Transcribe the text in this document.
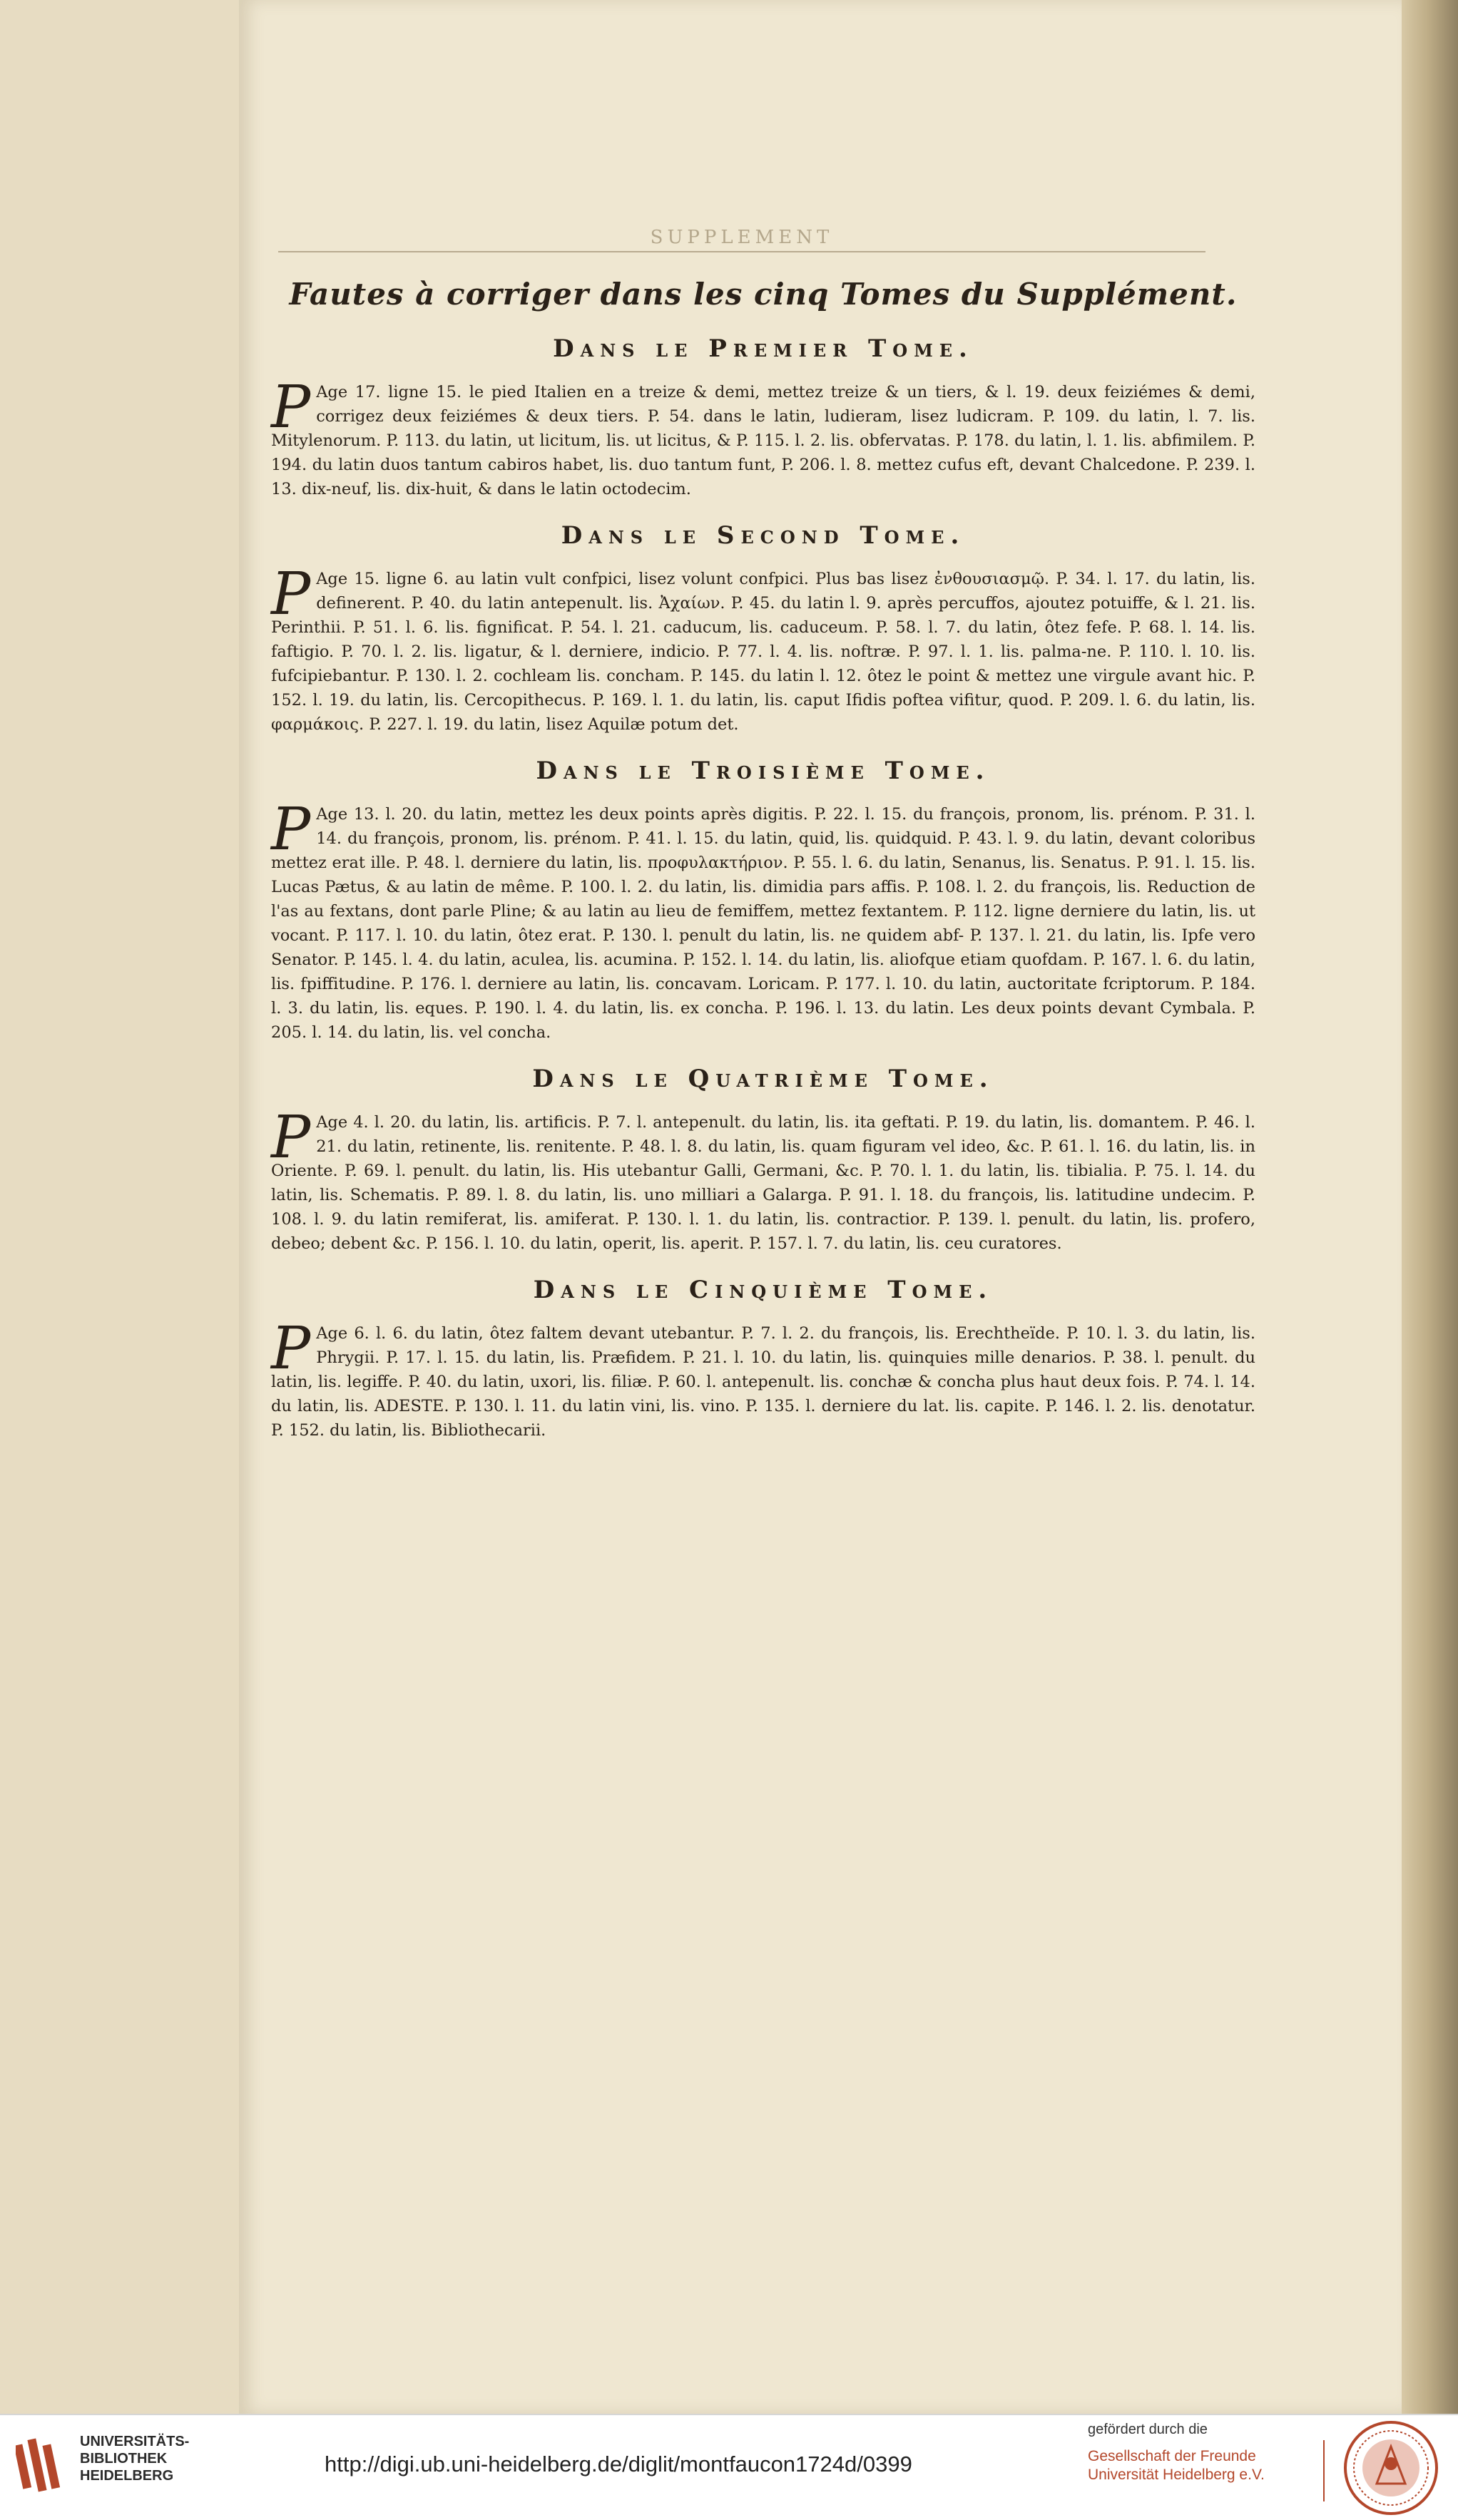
SUPPLEMENT
Fautes à corriger dans les cinq Tomes du Supplément.
Dans le Premier Tome.

P Age 17. ligne 15. le pied Italien en a treize & demi, mettez treize & un tiers, & l. 19. deux feiziémes & demi, corrigez deux feiziémes & deux tiers. P. 54. dans le latin, ludieram, lisez ludicram. P. 109. du latin, l. 7. lis. Mitylenorum. P. 113. du latin, ut licitum, lis. ut licitus, & P. 115. l. 2. lis. obfervatas. P. 178. du latin, l. 1. lis. abfimilem. P. 194. du latin duos tantum cabiros habet, lis. duo tantum funt, P. 206. l. 8. mettez cufus eft, devant Chalcedone. P. 239. l. 13. dix-neuf, lis. dix-huit, & dans le latin octodecim.

Dans le Second Tome.

P Age 15. ligne 6. au latin vult confpici, lisez volunt confpici. Plus bas lisez ἐνθουσιασμῷ. P. 34. l. 17. du latin, lis. definerent. P. 40. du latin antepenult. lis. Ἀχαίων. P. 45. du latin l. 9. après percuffos, ajoutez potuiffe, & l. 21. lis. Perinthii. P. 51. l. 6. lis. fignificat. P. 54. l. 21. caducum, lis. caduceum. P. 58. l. 7. du latin, ôtez fefe. P. 68. l. 14. lis. faftigio. P. 70. l. 2. lis. ligatur, & l. derniere, indicio. P. 77. l. 4. lis. noftræ. P. 97. l. 1. lis. palma-ne. P. 110. l. 10. lis. fufcipiebantur. P. 130. l. 2. cochleam lis. concham. P. 145. du latin l. 12. ôtez le point & mettez une virgule avant hic. P. 152. l. 19. du latin, lis. Cercopithecus. P. 169. l. 1. du latin, lis. caput Ifidis poftea vifitur, quod. P. 209. l. 6. du latin, lis. φαρμάκοις. P. 227. l. 19. du latin, lisez Aquilæ potum det.

Dans le Troisième Tome.

P Age 13. l. 20. du latin, mettez les deux points après digitis. P. 22. l. 15. du françois, pronom, lis. prénom. P. 31. l. 14. du françois, pronom, lis. prénom. P. 41. l. 15. du latin, quid, lis. quidquid. P. 43. l. 9. du latin, devant coloribus mettez erat ille. P. 48. l. derniere du latin, lis. προφυλακτήριον. P. 55. l. 6. du latin, Senanus, lis. Senatus. P. 91. l. 15. lis. Lucas Pætus, & au latin de même. P. 100. l. 2. du latin, lis. dimidia pars affis. P. 108. l. 2. du françois, lis. Reduction de l'as au fextans, dont parle Pline; & au latin au lieu de femiffem, mettez fextantem. P. 112. ligne derniere du latin, lis. ut vocant. P. 117. l. 10. du latin, ôtez erat. P. 130. l. penult du latin, lis. ne quidem abf- P. 137. l. 21. du latin, lis. Ipfe vero Senator. P. 145. l. 4. du latin, aculea, lis. acumina. P. 152. l. 14. du latin, lis. aliofque etiam quofdam. P. 167. l. 6. du latin, lis. fpiffitudine. P. 176. l. derniere au latin, lis. concavam. Loricam. P. 177. l. 10. du latin, auctoritate fcriptorum. P. 184. l. 3. du latin, lis. eques. P. 190. l. 4. du latin, lis. ex concha. P. 196. l. 13. du latin. Les deux points devant Cymbala. P. 205. l. 14. du latin, lis. vel concha.

Dans le Quatrième Tome.

P Age 4. l. 20. du latin, lis. artificis. P. 7. l. antepenult. du latin, lis. ita geftati. P. 19. du latin, lis. domantem. P. 46. l. 21. du latin, retinente, lis. renitente. P. 48. l. 8. du latin, lis. quam figuram vel ideo, &c. P. 61. l. 16. du latin, lis. in Oriente. P. 69. l. penult. du latin, lis. His utebantur Galli, Germani, &c. P. 70. l. 1. du latin, lis. tibialia. P. 75. l. 14. du latin, lis. Schematis. P. 89. l. 8. du latin, lis. uno milliari a Galarga. P. 91. l. 18. du françois, lis. latitudine undecim. P. 108. l. 9. du latin remiferat, lis. amiferat. P. 130. l. 1. du latin, lis. contractior. P. 139. l. penult. du latin, lis. profero, debeo; debent &c. P. 156. l. 10. du latin, operit, lis. aperit. P. 157. l. 7. du latin, lis. ceu curatores.

Dans le Cinquième Tome.

P Age 6. l. 6. du latin, ôtez faltem devant utebantur. P. 7. l. 2. du françois, lis. Erechtheïde. P. 10. l. 3. du latin, lis. Phrygii. P. 17. l. 15. du latin, lis. Præfidem. P. 21. l. 10. du latin, lis. quinquies mille denarios. P. 38. l. penult. du latin, lis. legiffe. P. 40. du latin, uxori, lis. filiæ. P. 60. l. antepenult. lis. conchæ & concha plus haut deux fois. P. 74. l. 14. du latin, lis. ADESTE. P. 130. l. 11. du latin vini, lis. vino. P. 135. l. derniere du lat. lis. capite. P. 146. l. 2. lis. denotatur. P. 152. du latin, lis. Bibliothecarii.

UNIVERSITÄTS-
BIBLIOTHEK
HEIDELBERG	http://digi.ub.uni-heidelberg.de/diglit/montfaucon1724d/0399
gefördert durch die
Gesellschaft der Freunde
Universität Heidelberg e.V.
